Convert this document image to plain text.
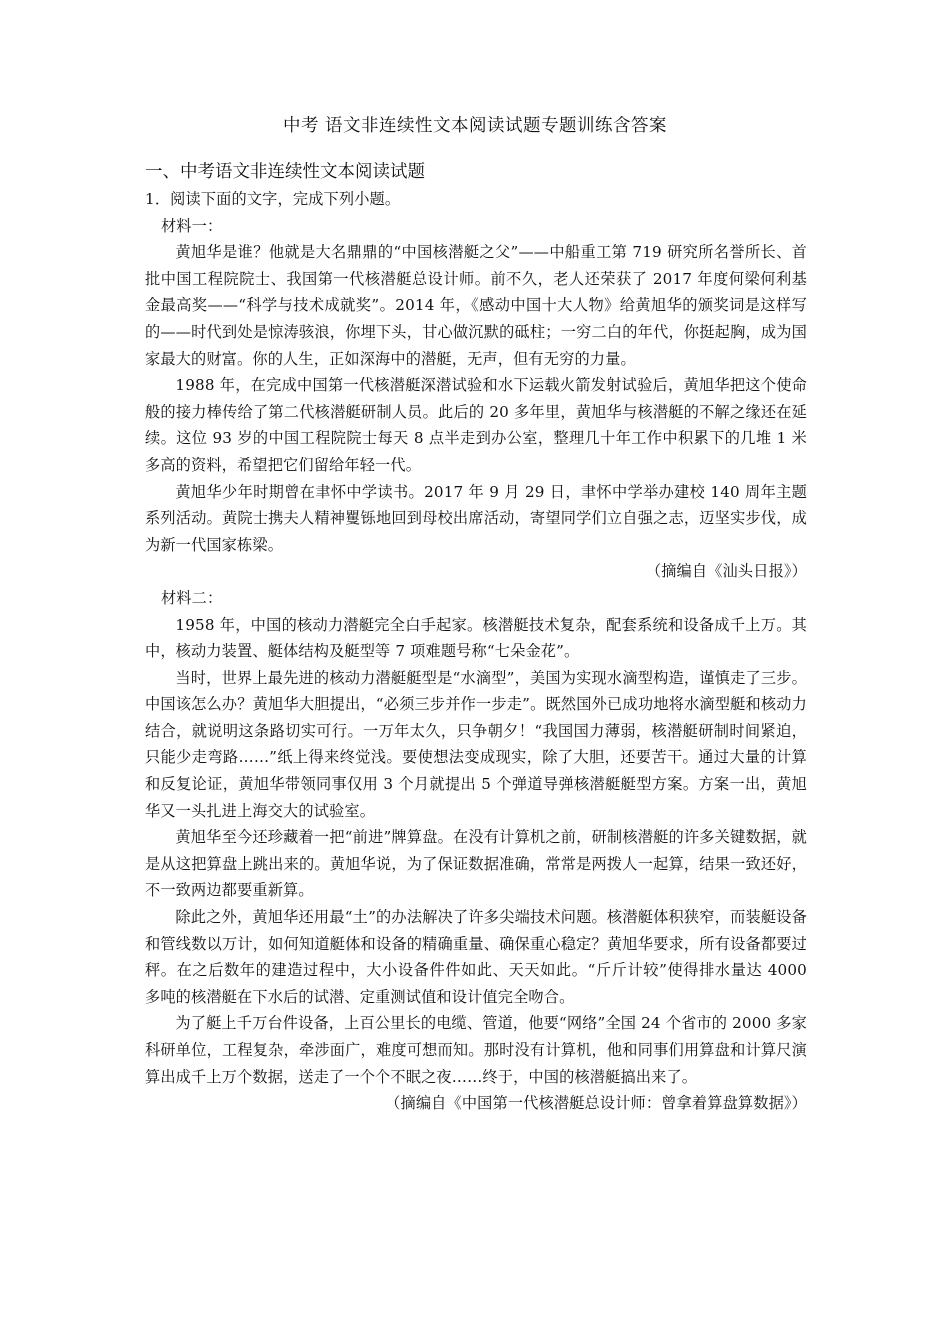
中考 语文非连续性文本阅读试题专题训练含答案
一、中考语文非连续性文本阅读试题

1．阅读下面的文字，完成下列小题。

材料一：

黄旭华是谁？他就是大名鼎鼎的“中国核潜艇之父”——中船重工第 719 研究所名誉所长、首批中国工程院院士、我国第一代核潜艇总设计师。前不久，老人还荣获了 2017 年度何梁何利基金最高奖——“科学与技术成就奖”。2014 年，《感动中国十大人物》给黄旭华的颁奖词是这样写的——时代到处是惊涛骇浪，你埋下头，甘心做沉默的砥柱；一穷二白的年代，你挺起胸，成为国家最大的财富。你的人生，正如深海中的潜艇，无声，但有无穷的力量。

1988 年，在完成中国第一代核潜艇深潜试验和水下运载火箭发射试验后，黄旭华把这个使命般的接力棒传给了第二代核潜艇研制人员。此后的 20 多年里，黄旭华与核潜艇的不解之缘还在延续。这位 93 岁的中国工程院院士每天 8 点半走到办公室，整理几十年工作中积累下的几堆 1 米多高的资料，希望把它们留给年轻一代。

黄旭华少年时期曾在聿怀中学读书。2017 年 9 月 29 日，聿怀中学举办建校 140 周年主题系列活动。黄院士携夫人精神矍铄地回到母校出席活动，寄望同学们立自强之志，迈坚实步伐，成为新一代国家栋梁。

（摘编自《汕头日报》）

材料二：

1958 年，中国的核动力潜艇完全白手起家。核潜艇技术复杂，配套系统和设备成千上万。其中，核动力装置、艇体结构及艇型等 7 项难题号称“七朵金花”。

当时，世界上最先进的核动力潜艇艇型是“水滴型”，美国为实现水滴型构造，谨慎走了三步。中国该怎么办？黄旭华大胆提出，“必须三步并作一步走”。既然国外已成功地将水滴型艇和核动力结合，就说明这条路切实可行。一万年太久，只争朝夕！“我国国力薄弱，核潜艇研制时间紧迫，只能少走弯路……”纸上得来终觉浅。要使想法变成现实，除了大胆，还要苦干。通过大量的计算和反复论证，黄旭华带领同事仅用 3 个月就提出 5 个弹道导弹核潜艇艇型方案。方案一出，黄旭华又一头扎进上海交大的试验室。

黄旭华至今还珍藏着一把“前进”牌算盘。在没有计算机之前，研制核潜艇的许多关键数据，就是从这把算盘上跳出来的。黄旭华说，为了保证数据准确，常常是两拨人一起算，结果一致还好，不一致两边都要重新算。

除此之外，黄旭华还用最“土”的办法解决了许多尖端技术问题。核潜艇体积狭窄，而装艇设备和管线数以万计，如何知道艇体和设备的精确重量、确保重心稳定？黄旭华要求，所有设备都要过秤。在之后数年的建造过程中，大小设备件件如此、天天如此。“斤斤计较”使得排水量达 4000 多吨的核潜艇在下水后的试潜、定重测试值和设计值完全吻合。

为了艇上千万台件设备，上百公里长的电缆、管道，他要“网络”全国 24 个省市的 2000 多家科研单位，工程复杂，牵涉面广，难度可想而知。那时没有计算机，他和同事们用算盘和计算尺演算出成千上万个数据，送走了一个个不眠之夜……终于，中国的核潜艇搞出来了。

（摘编自《中国第一代核潜艇总设计师：曾拿着算盘算数据》）
